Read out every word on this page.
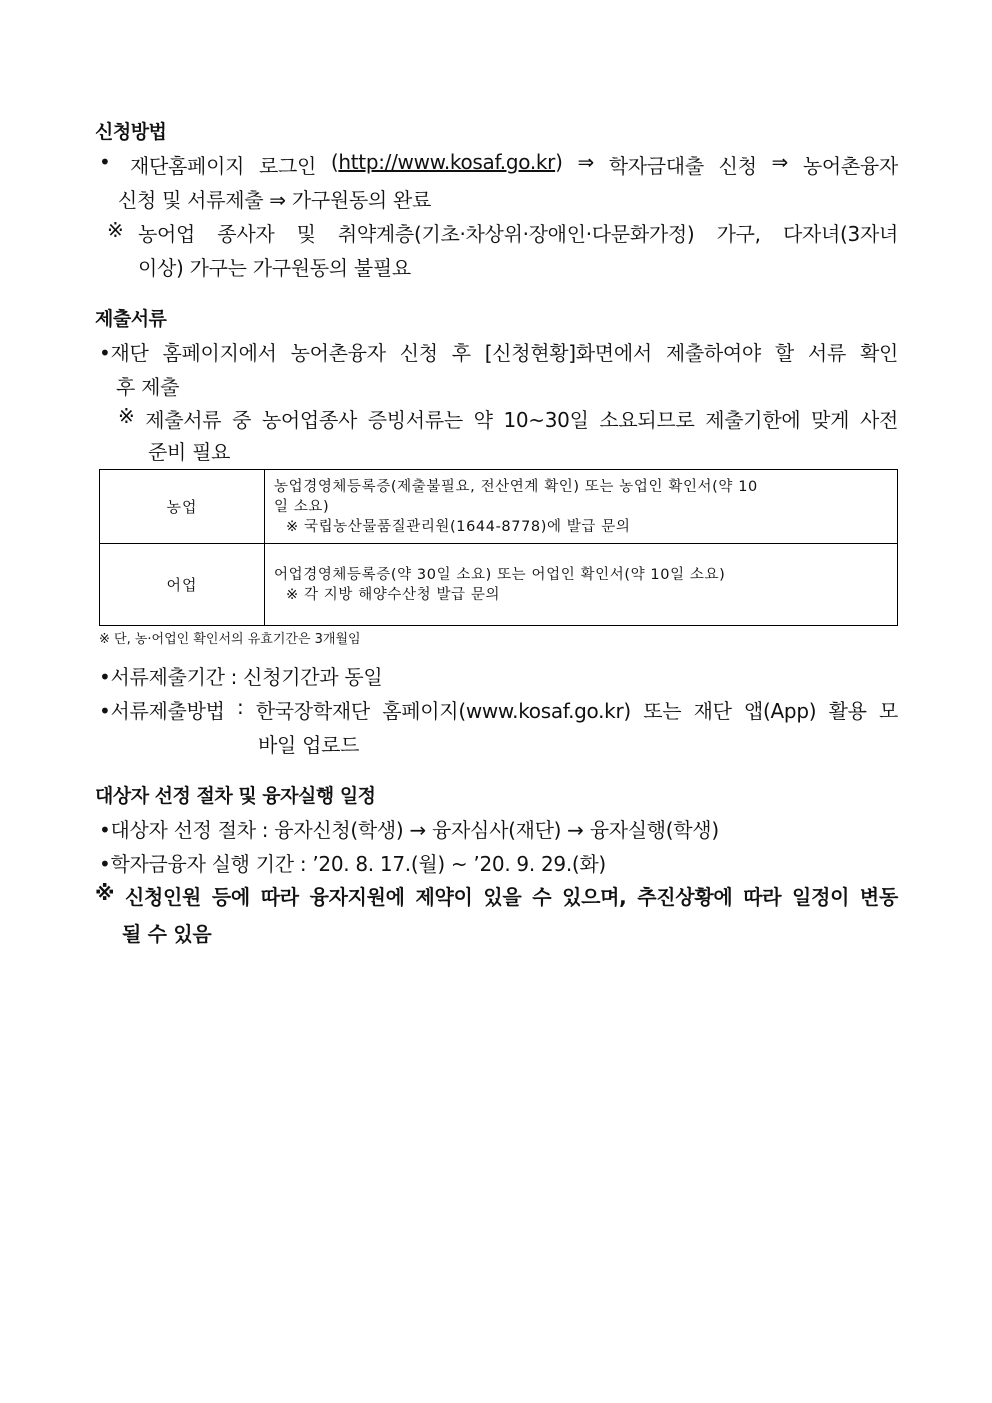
신청방법
• 재단홈페이지 로그인 (http://www.kosaf.go.kr) ⇒ 학자금대출 신청 ⇒ 농어촌융자
신청 및 서류제출 ⇒ 가구원동의 완료
※ 농어업 종사자 및 취약계층(기초·차상위·장애인·다문화가정) 가구, 다자녀(3자녀
이상) 가구는 가구원동의 불필요
제출서류
•재단 홈페이지에서 농어촌융자 신청 후 [신청현황]화면에서 제출하여야 할 서류 확인
후 제출
※ 제출서류 중 농어업종사 증빙서류는 약 10~30일 소요되므로 제출기한에 맞게 사전
준비 필요
농업	농업경영체등록증(제출불필요, 전산연계 확인) 또는 농업인 확인서(약 10
일 소요)
※ 국립농산물품질관리원(1644-8778)에 발급 문의

어업	어업경영체등록증(약 30일 소요) 또는 어업인 확인서(약 10일 소요)
※ 각 지방 해양수산청 발급 문의
※ 단, 농·어업인 확인서의 유효기간은 3개월임
•서류제출기간 : 신청기간과 동일
•서류제출방법 : 한국장학재단 홈페이지(www.kosaf.go.kr) 또는 재단 앱(App) 활용 모
바일 업로드
대상자 선정 절차 및 융자실행 일정
•대상자 선정 절차 : 융자신청(학생) → 융자심사(재단) → 융자실행(학생)
•학자금융자 실행 기간 : ’20. 8. 17.(월) ~ ’20. 9. 29.(화)
※ 신청인원 등에 따라 융자지원에 제약이 있을 수 있으며, 추진상황에 따라 일정이 변동
될 수 있음
